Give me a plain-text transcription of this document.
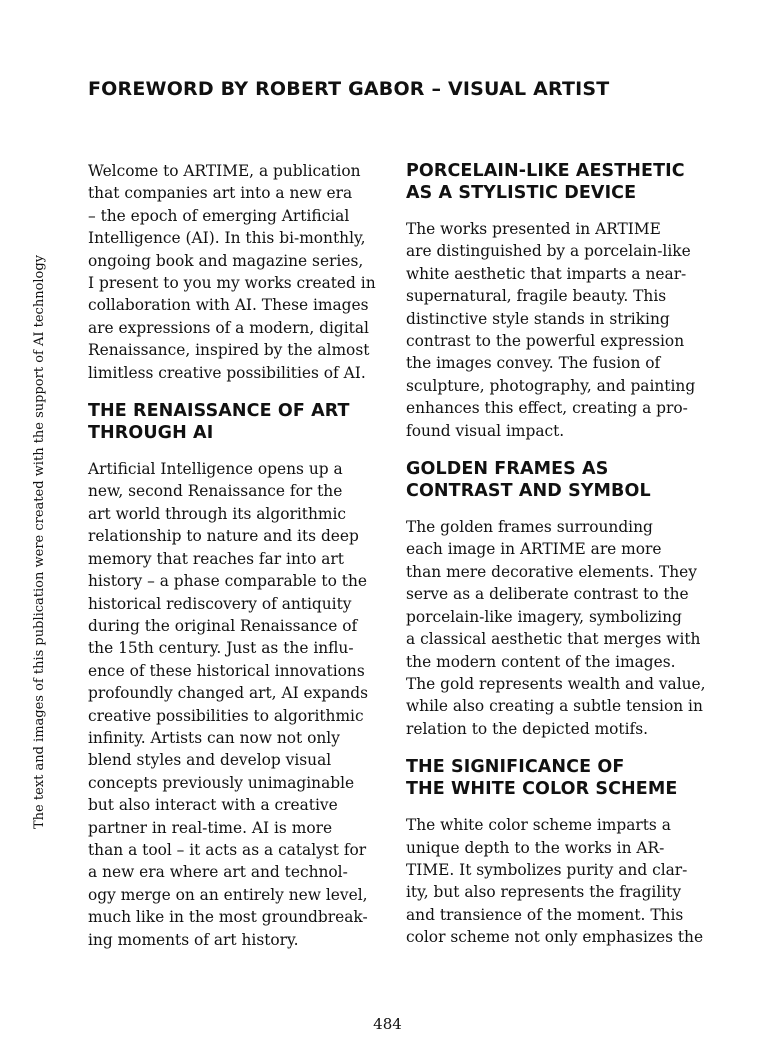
FOREWORD BY ROBERT GABOR – VISUAL ARTIST
The text and images of this publication were created with the support of AI technology
Welcome to ARTIME, a publication
that companies art into a new era
– the epoch of emerging Artificial
Intelligence (AI). In this bi-monthly,
ongoing book and magazine series,
I present to you my works created in
collaboration with AI. These images
are expressions of a modern, digital
Renaissance, inspired by the almost
limitless creative possibilities of AI.
THE RENAISSANCE OF ART
THROUGH AI
Artificial Intelligence opens up a
new, second Renaissance for the
art world through its algorithmic
relationship to nature and its deep
memory that reaches far into art
history – a phase comparable to the
historical rediscovery of antiquity
during the original Renaissance of
the 15th century. Just as the influ-
ence of these historical innovations
profoundly changed art, AI expands
creative possibilities to algorithmic
infinity. Artists can now not only
blend styles and develop visual
concepts previously unimaginable
but also interact with a creative
partner in real-time. AI is more
than a tool – it acts as a catalyst for
a new era where art and technol-
ogy merge on an entirely new level,
much like in the most groundbreak-
ing moments of art history.
PORCELAIN-LIKE AESTHETIC
AS A STYLISTIC DEVICE
The works presented in ARTIME
are distinguished by a porcelain-like
white aesthetic that imparts a near-
supernatural, fragile beauty. This
distinctive style stands in striking
contrast to the powerful expression
the images convey. The fusion of
sculpture, photography, and painting
enhances this effect, creating a pro-
found visual impact.
GOLDEN FRAMES AS
CONTRAST AND SYMBOL
The golden frames surrounding
each image in ARTIME are more
than mere decorative elements. They
serve as a deliberate contrast to the
porcelain-like imagery, symbolizing
a classical aesthetic that merges with
the modern content of the images.
The gold represents wealth and value,
while also creating a subtle tension in
relation to the depicted motifs.
THE SIGNIFICANCE OF
THE WHITE COLOR SCHEME
The white color scheme imparts a
unique depth to the works in AR-
TIME. It symbolizes purity and clar-
ity, but also represents the fragility
and transience of the moment. This
color scheme not only emphasizes the
484
